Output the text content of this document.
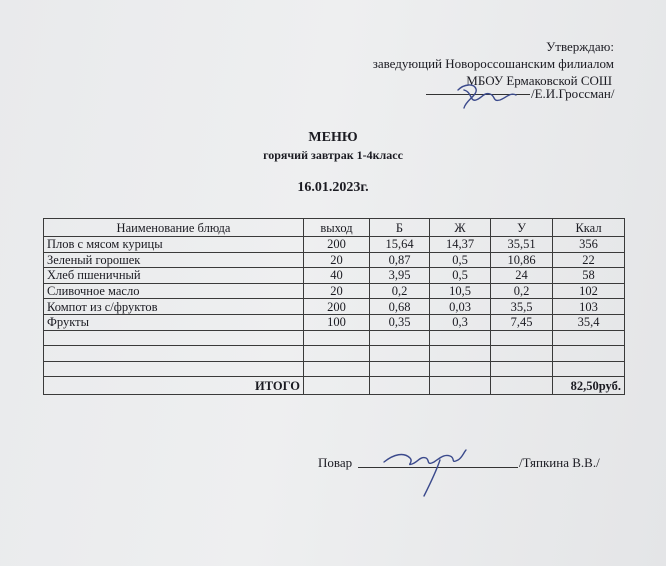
Утверждаю:
заведующий Новороссошанским филиалом
МБОУ Ермаковской СОШ
/Е.И.Гроссман/
МЕНЮ
горячий завтрак 1-4класс
16.01.2023г.
Наименование блюда	выход	Б	Ж	У	Ккал
Плов с мясом курицы	200	15,64	14,37	35,51	356
Зеленый горошек	20	0,87	0,5	10,86	22
Хлеб пшеничный	40	3,95	0,5	24	58
Сливочное масло	20	0,2	10,5	0,2	102
Компот из с/фруктов	200	0,68	0,03	35,5	103
Фрукты	100	0,35	0,3	7,45	35,4

ИТОГО					82,50руб.
Повар	/Тяпкина В.В./
